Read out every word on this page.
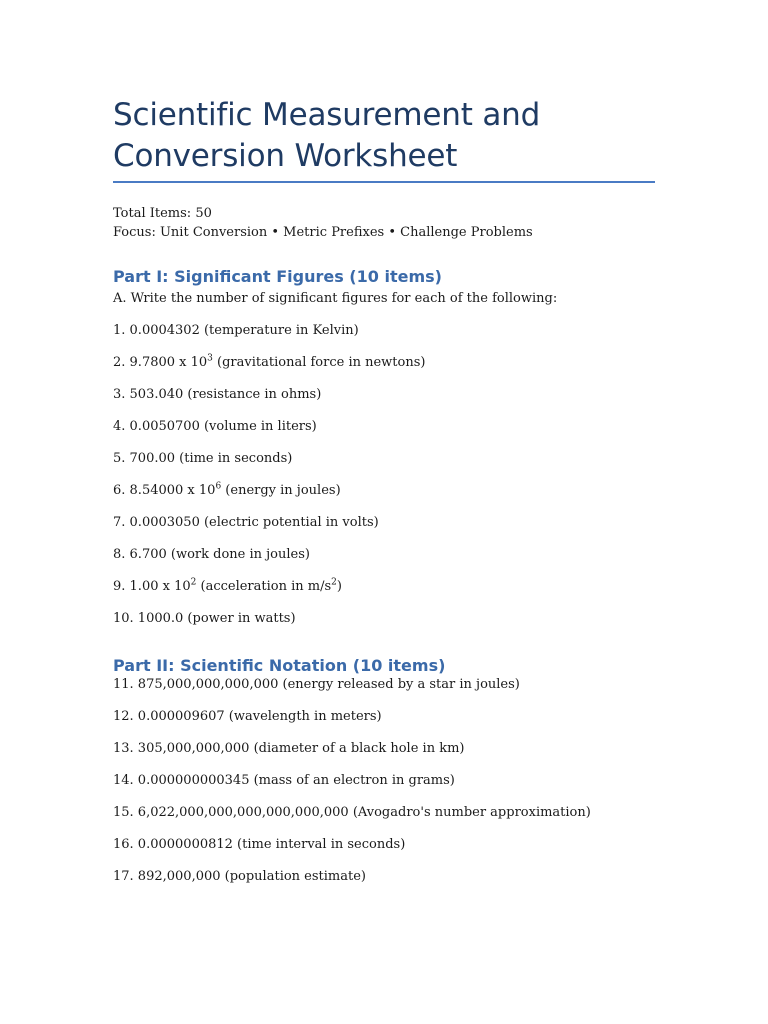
Scientific Measurement and Conversion Worksheet
Total Items: 50
Focus: Unit Conversion • Metric Prefixes • Challenge Problems
Part I: Significant Figures (10 items)
A. Write the number of significant figures for each of the following:
1. 0.0004302 (temperature in Kelvin)
2. 9.7800 x $10^3$ (gravitational force in newtons)
3. 503.040 (resistance in ohms)
4. 0.0050700 (volume in liters)
5. 700.00 (time in seconds)
6. 8.54000 x $10^6$ (energy in joules)
7. 0.0003050 (electric potential in volts)
8. 6.700 (work done in joules)
9. 1.00 x $10^2$ (acceleration in $m/s^2$)
10. 1000.0 (power in watts)
Part II: Scientific Notation (10 items)
11. 875,000,000,000,000 (energy released by a star in joules)
12. 0.000009607 (wavelength in meters)
13. 305,000,000,000 (diameter of a black hole in km)
14. 0.000000000345 (mass of an electron in grams)
15. 6,022,000,000,000,000,000,000 (Avogadro's number approximation)
16. 0.0000000812 (time interval in seconds)
17. 892,000,000 (population estimate)
